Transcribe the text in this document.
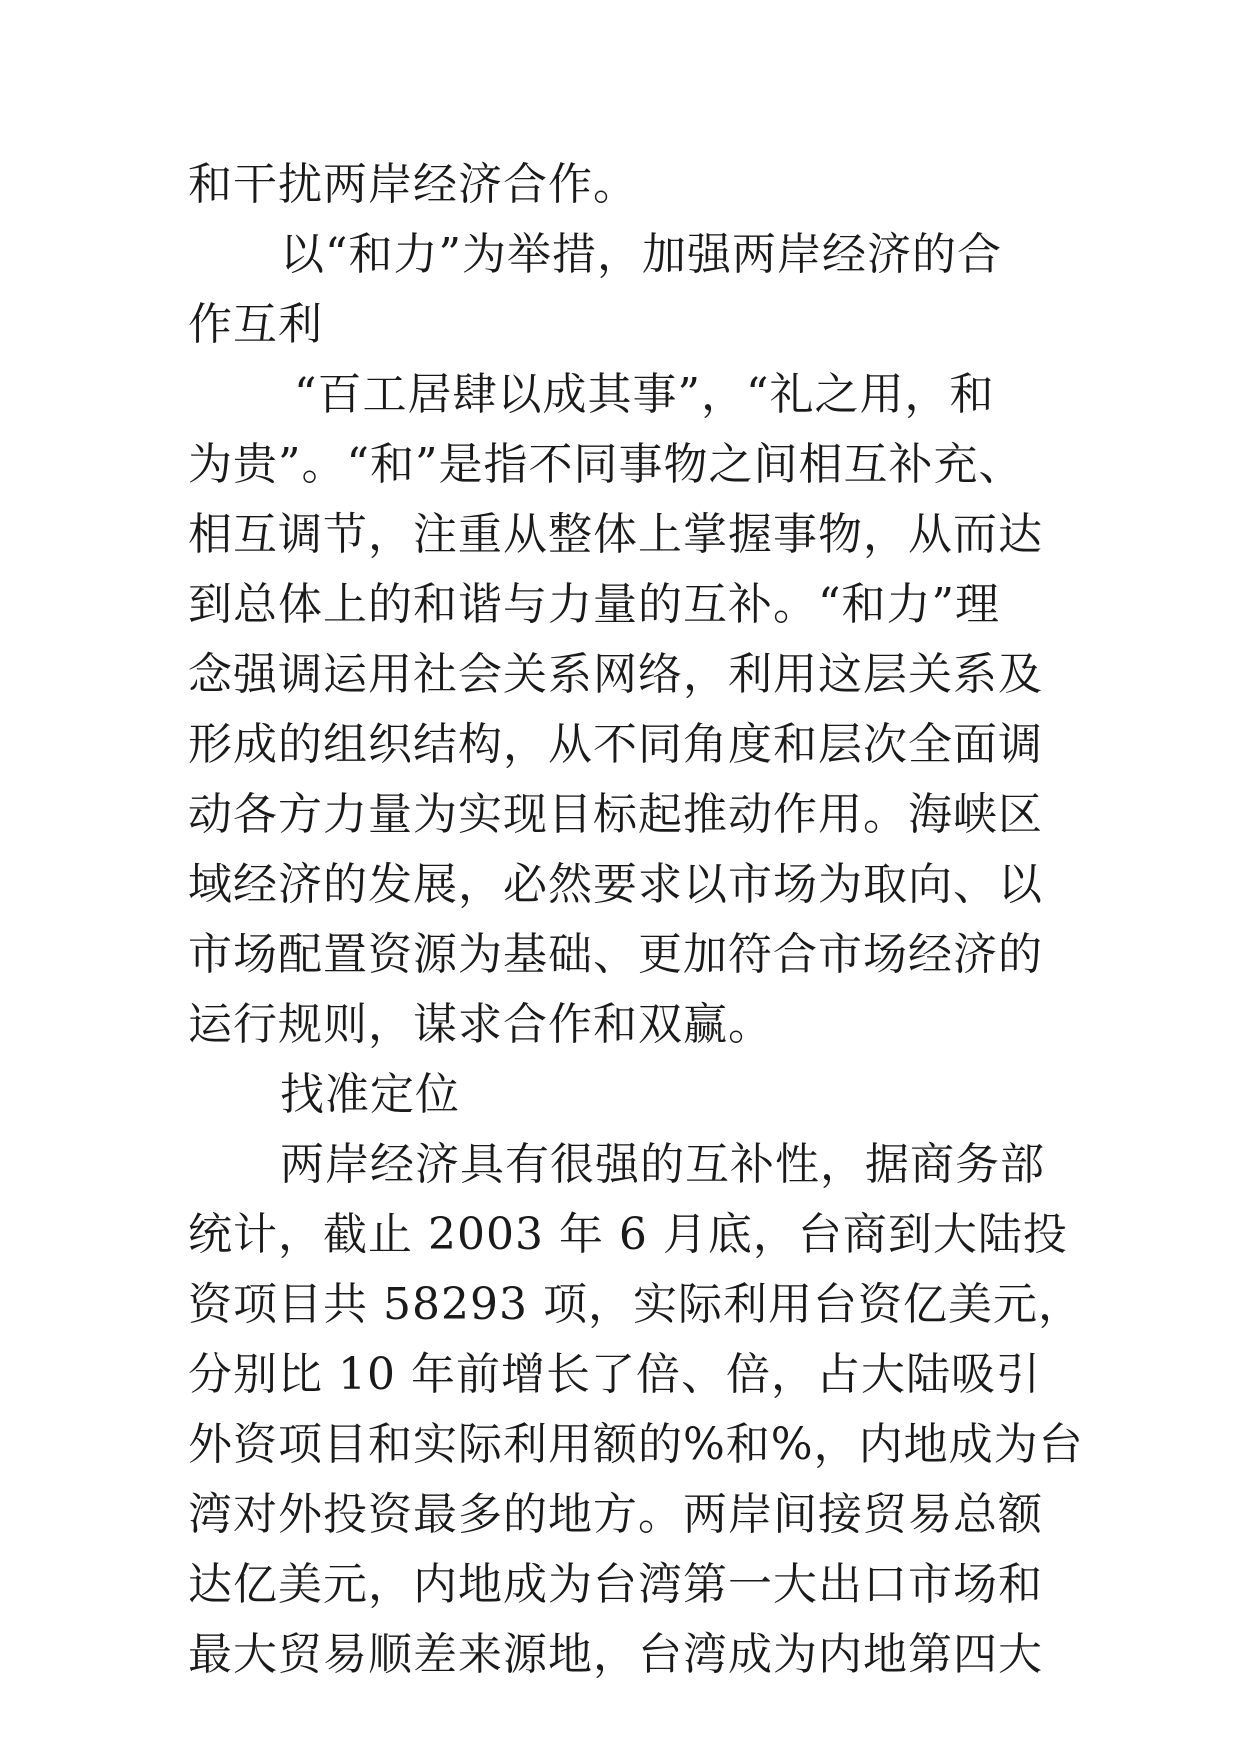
和干扰两岸经济合作。
以“和力”为举措，加强两岸经济的合
作互利
“百工居肆以成其事”，“礼之用，和
为贵”。“和”是指不同事物之间相互补充、
相互调节，注重从整体上掌握事物，从而达
到总体上的和谐与力量的互补。“和力”理
念强调运用社会关系网络，利用这层关系及
形成的组织结构，从不同角度和层次全面调
动各方力量为实现目标起推动作用。海峡区
域经济的发展，必然要求以市场为取向、以
市场配置资源为基础、更加符合市场经济的
运行规则，谋求合作和双赢。
找准定位
两岸经济具有很强的互补性，据商务部
统计，截止 2003 年 6 月底，台商到大陆投
资项目共 58293 项，实际利用台资亿美元，
分别比 10 年前增长了倍、倍，占大陆吸引
外资项目和实际利用额的%和%，内地成为台
湾对外投资最多的地方。两岸间接贸易总额
达亿美元，内地成为台湾第一大出口市场和
最大贸易顺差来源地，台湾成为内地第四大
